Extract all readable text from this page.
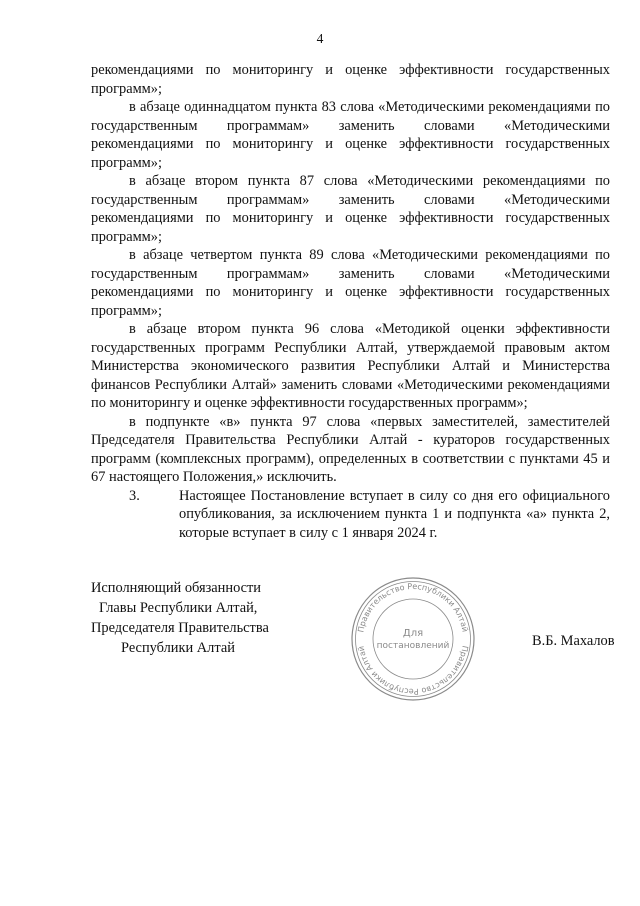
4

рекомендациями по мониторингу и оценке эффективности государственных программ»;

в абзаце одиннадцатом пункта 83 слова «Методическими рекомендациями по государственным программам» заменить словами «Методическими рекомендациями по мониторингу и оценке эффективности государственных программ»;

в абзаце втором пункта 87 слова «Методическими рекомендациями по государственным программам» заменить словами «Методическими рекомендациями по мониторингу и оценке эффективности государственных программ»;

в абзаце четвертом пункта 89 слова «Методическими рекомендациями по государственным программам» заменить словами «Методическими рекомендациями по мониторингу и оценке эффективности государственных программ»;

в абзаце втором пункта 96 слова «Методикой оценки эффективности государственных программ Республики Алтай, утверждаемой правовым актом Министерства экономического развития Республики Алтай и Министерства финансов Республики Алтай» заменить словами «Методическими рекомендациями по мониторингу и оценке эффективности государственных программ»;

в подпункте «в» пункта 97 слова «первых заместителей, заместителей Председателя Правительства Республики Алтай - кураторов государственных программ (комплексных программ), определенных в соответствии с пунктами 45 и 67 настоящего Положения,» исключить.

3.	Настоящее Постановление вступает в силу со дня его официального опубликования, за исключением пункта 1 и подпункта «а» пункта 2, которые вступает в силу с 1 января 2024 г.

Исполняющий обязанности
Главы Республики Алтай,
Председателя Правительства
Республики Алтай
Правительство Республики Алтай
Правительство Республики Алтай
Для
постановлений	В.Б. Махалов
